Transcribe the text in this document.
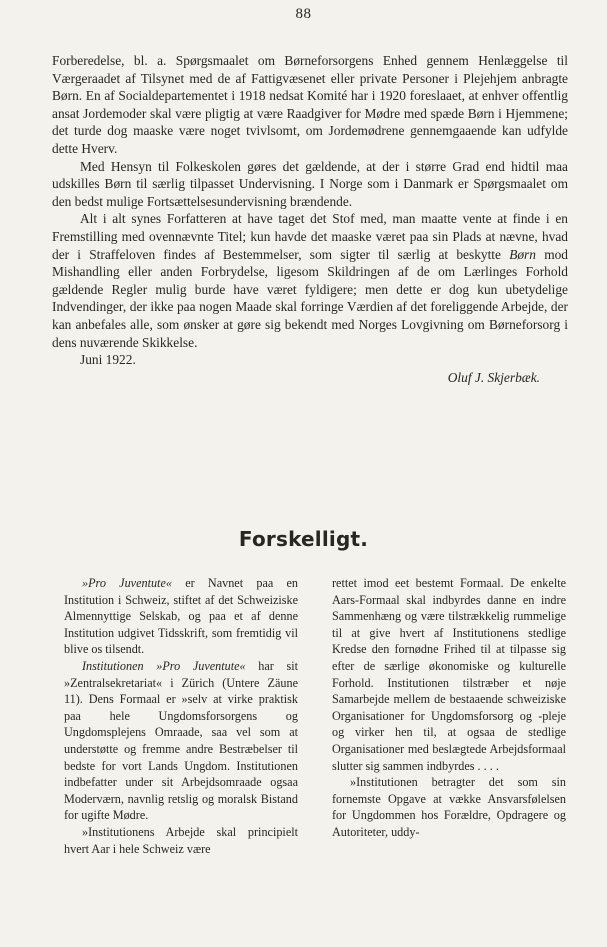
88

Forberedelse, bl. a. Spørgsmaalet om Børneforsorgens Enhed gennem Henlæggelse til Værgeraadet af Tilsynet med de af Fattigvæsenet eller private Personer i Plejehjem anbragte Børn. En af Socialdepartementet i 1918 nedsat Komité har i 1920 foreslaaet, at enhver offentlig ansat Jordemoder skal være pligtig at være Raadgiver for Mødre med spæde Børn i Hjemmene; det turde dog maaske være noget tvivlsomt, om Jordemødrene gennemgaaende kan udfylde dette Hverv.

Med Hensyn til Folkeskolen gøres det gældende, at der i større Grad end hidtil maa udskilles Børn til særlig tilpasset Undervisning. I Norge som i Danmark er Spørgsmaalet om den bedst mulige Fortsættelsesundervisning brændende.

Alt i alt synes Forfatteren at have taget det Stof med, man maatte vente at finde i en Fremstilling med ovennævnte Titel; kun havde det maaske været paa sin Plads at nævne, hvad der i Straffeloven findes af Bestemmelser, som sigter til særlig at beskytte Børn mod Mishandling eller anden Forbrydelse, ligesom Skildringen af de om Lærlinges Forhold gældende Regler mulig burde have været fyldigere; men dette er dog kun ubetydelige Indvendinger, der ikke paa nogen Maade skal forringe Værdien af det foreliggende Arbejde, der kan anbefales alle, som ønsker at gøre sig bekendt med Norges Lovgivning om Børneforsorg i dens nuværende Skikkelse.

Juni 1922.

Oluf J. Skjerbæk.

Forskelligt.

»Pro Juventute« er Navnet paa en Institution i Schweiz, stiftet af det Schweiziske Almennyttige Selskab, og paa et af denne Institution udgivet Tidsskrift, som fremtidig vil blive os tilsendt.

Institutionen »Pro Juventute« har sit »Zentralsekretariat« i Zürich (Untere Zäune 11). Dens Formaal er »selv at virke praktisk paa hele Ungdomsforsorgens og Ungdomsplejens Omraade, saa vel som at understøtte og fremme andre Bestræbelser til bedste for vort Lands Ungdom. Institutionen indbefatter under sit Arbejdsomraade ogsaa Moderværn, navnlig retslig og moralsk Bistand for ugifte Mødre.

»Institutionens Arbejde skal principielt hvert Aar i hele Schweiz være

rettet imod eet bestemt Formaal. De enkelte Aars-Formaal skal indbyrdes danne en indre Sammenhæng og være tilstrækkelig rummelige til at give hvert af Institutionens stedlige Kredse den fornødne Frihed til at tilpasse sig efter de særlige økonomiske og kulturelle Forhold. Institutionen tilstræber et nøje Samarbejde mellem de bestaaende schweiziske Organisationer for Ungdomsforsorg og -pleje og virker hen til, at ogsaa de stedlige Organisationer med beslægtede Arbejdsformaal slutter sig sammen indbyrdes . . . .

»Institutionen betragter det som sin fornemste Opgave at vække Ansvarsfølelsen for Ungdommen hos Forældre, Opdragere og Autoriteter, uddy-
